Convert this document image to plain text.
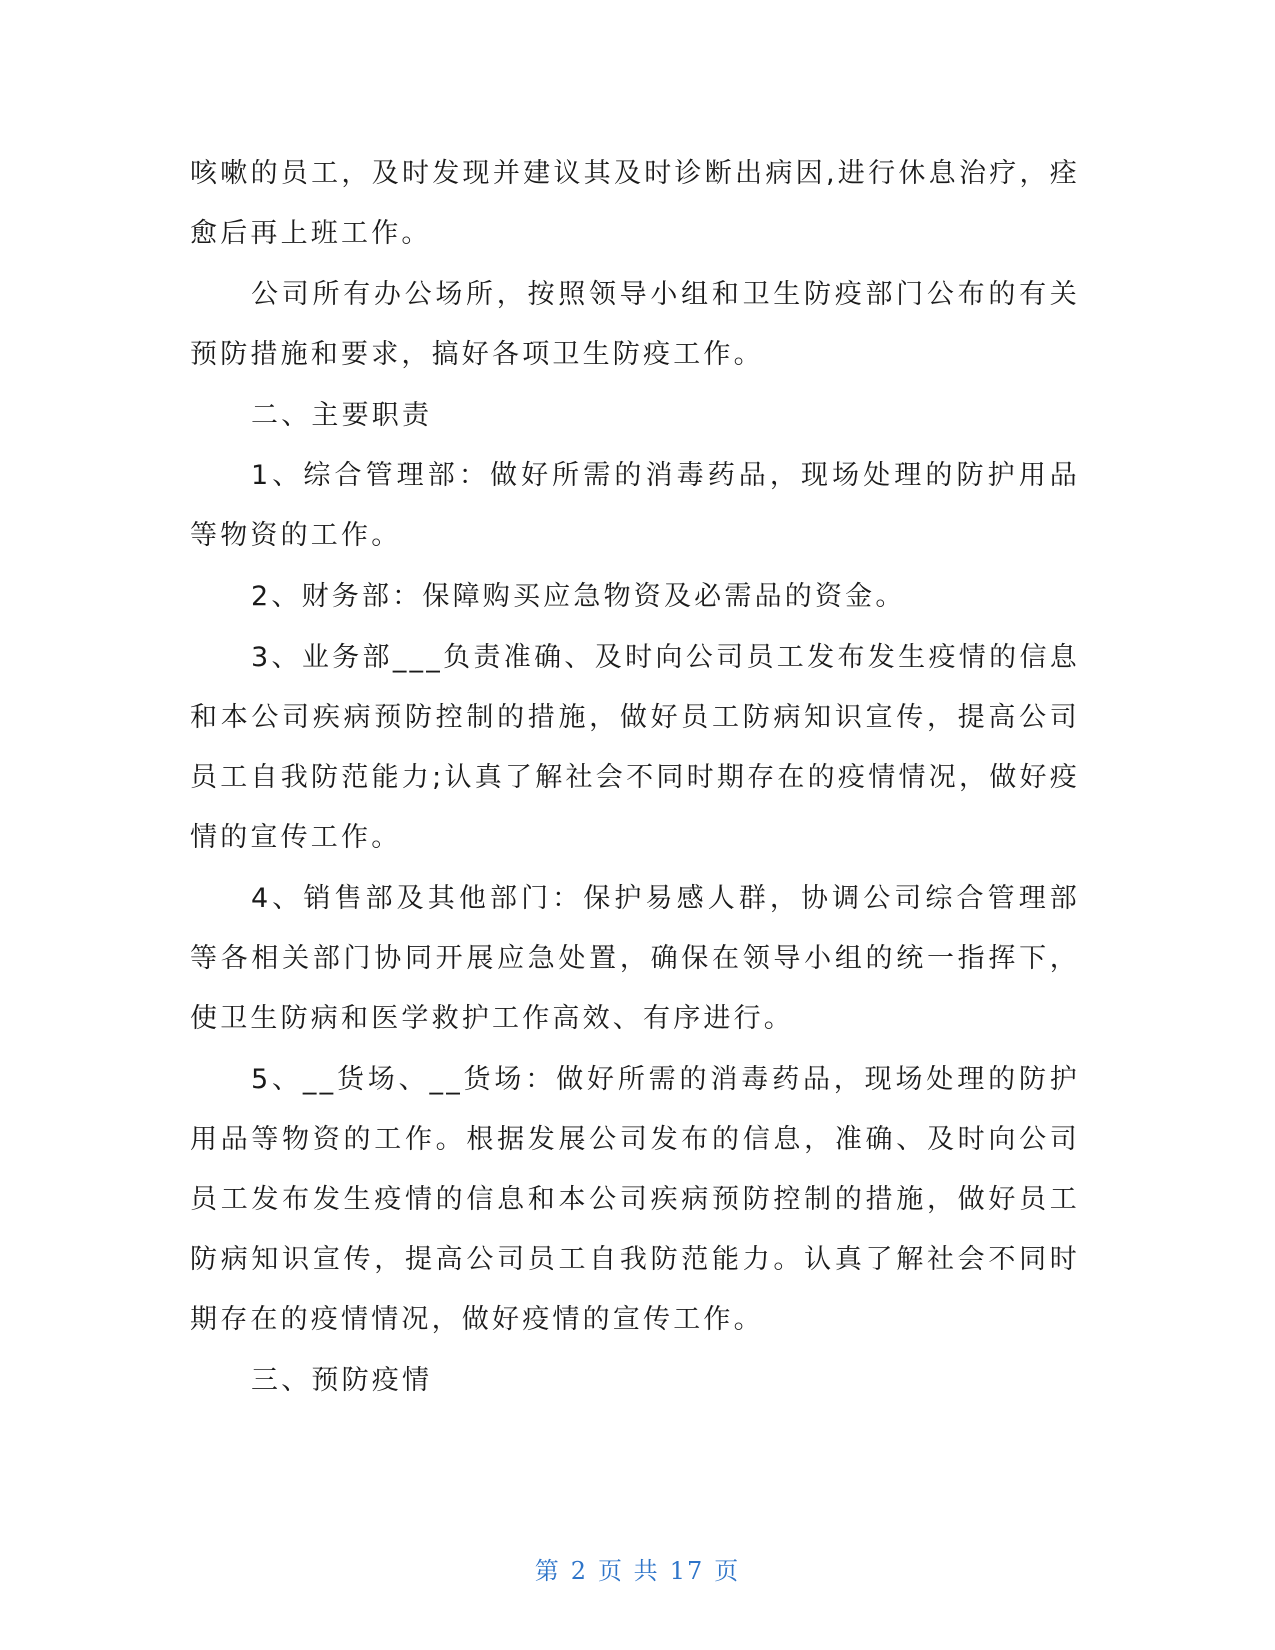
咳嗽的员工，及时发现并建议其及时诊断出病因,进行休息治疗，痊愈后再上班工作。

公司所有办公场所，按照领导小组和卫生防疫部门公布的有关预防措施和要求，搞好各项卫生防疫工作。

二、主要职责

1、综合管理部：做好所需的消毒药品，现场处理的防护用品等物资的工作。

2、财务部：保障购买应急物资及必需品的资金。

3、业务部___负责准确、及时向公司员工发布发生疫情的信息和本公司疾病预防控制的措施，做好员工防病知识宣传，提高公司员工自我防范能力;认真了解社会不同时期存在的疫情情况，做好疫情的宣传工作。

4、销售部及其他部门：保护易感人群，协调公司综合管理部等各相关部门协同开展应急处置，确保在领导小组的统一指挥下，使卫生防病和医学救护工作高效、有序进行。

5、__货场、__货场：做好所需的消毒药品，现场处理的防护用品等物资的工作。根据发展公司发布的信息，准确、及时向公司员工发布发生疫情的信息和本公司疾病预防控制的措施，做好员工防病知识宣传，提高公司员工自我防范能力。认真了解社会不同时期存在的疫情情况，做好疫情的宣传工作。

三、预防疫情

第 2 页 共 17 页
